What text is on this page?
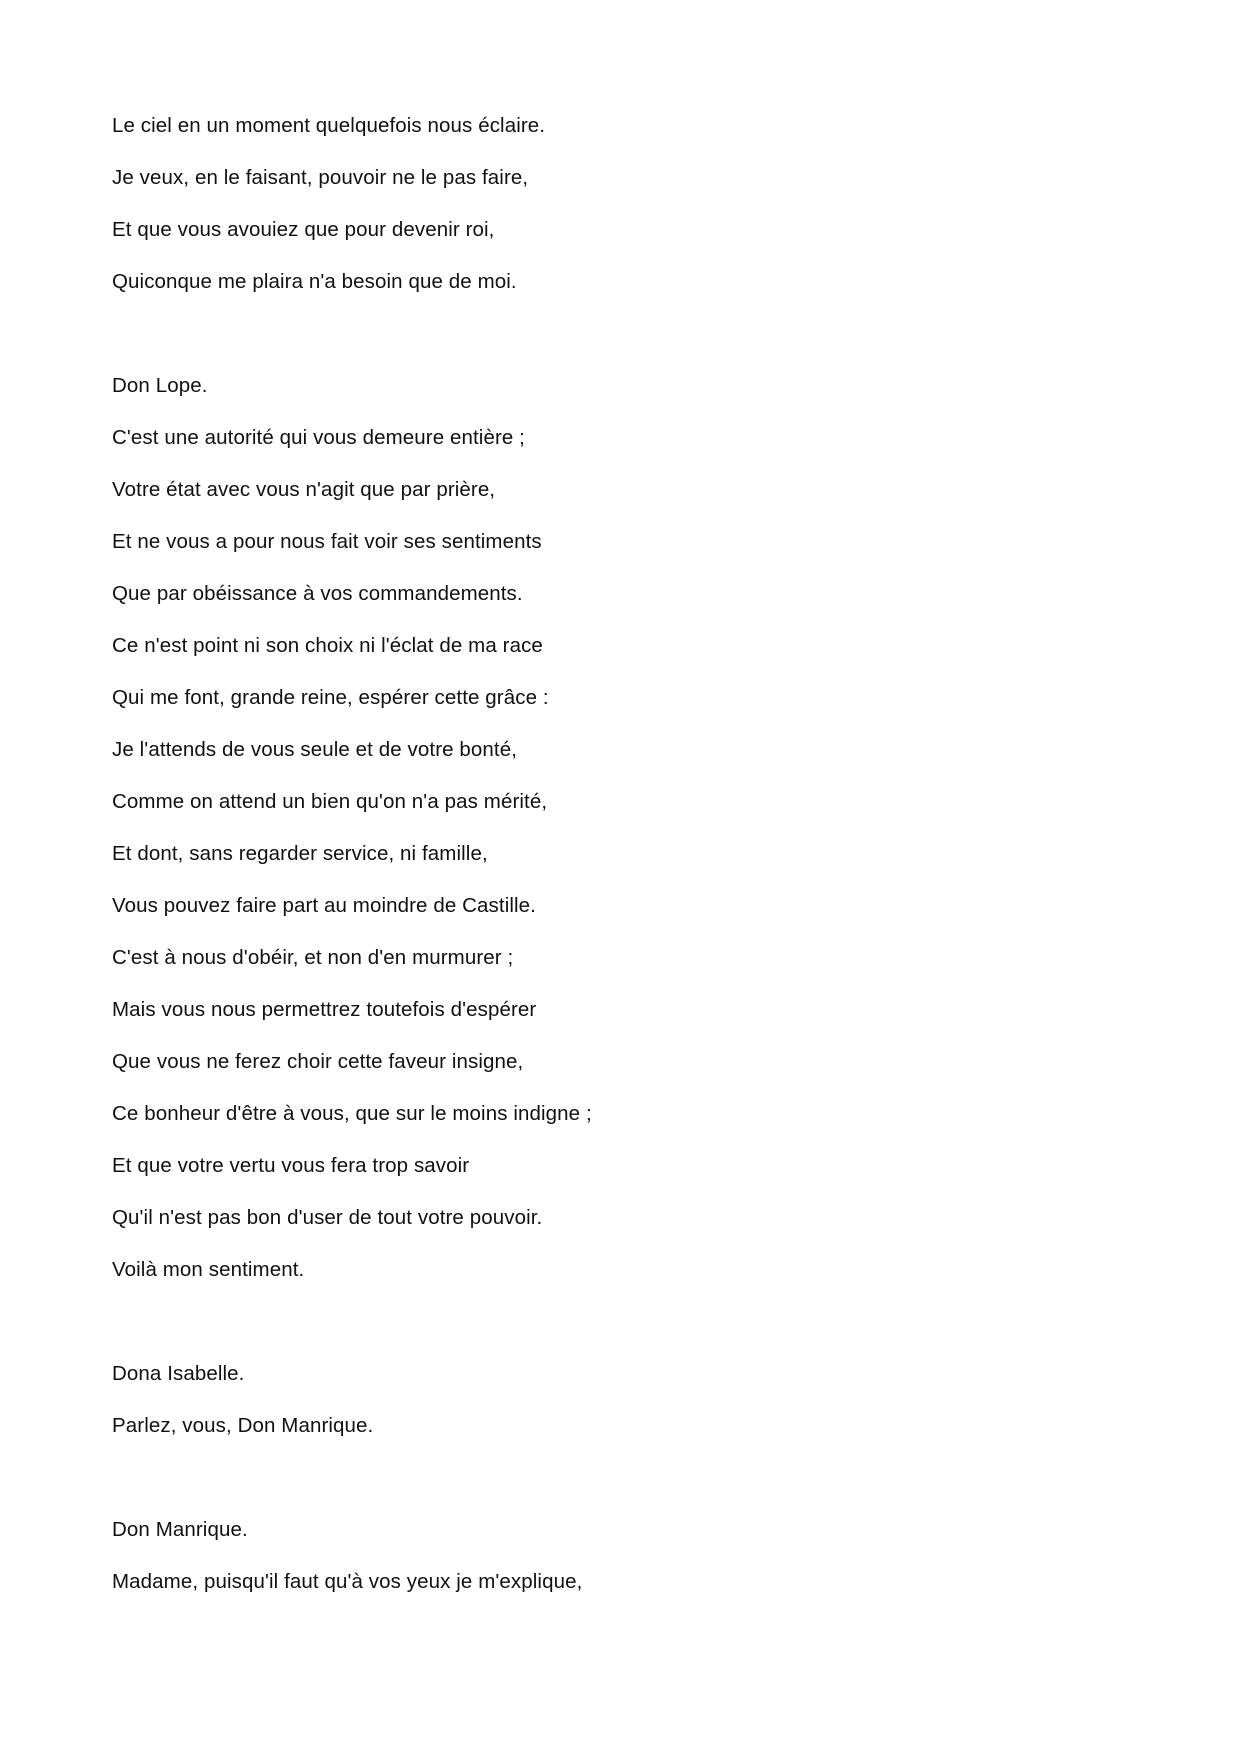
Le ciel en un moment quelquefois nous éclaire.
Je veux, en le faisant, pouvoir ne le pas faire,
Et que vous avouiez que pour devenir roi,
Quiconque me plaira n'a besoin que de moi.
Don Lope.
C'est une autorité qui vous demeure entière ;
Votre état avec vous n'agit que par prière,
Et ne vous a pour nous fait voir ses sentiments
Que par obéissance à vos commandements.
Ce n'est point ni son choix ni l'éclat de ma race
Qui me font, grande reine, espérer cette grâce :
Je l'attends de vous seule et de votre bonté,
Comme on attend un bien qu'on n'a pas mérité,
Et dont, sans regarder service, ni famille,
Vous pouvez faire part au moindre de Castille.
C'est à nous d'obéir, et non d'en murmurer ;
Mais vous nous permettrez toutefois d'espérer
Que vous ne ferez choir cette faveur insigne,
Ce bonheur d'être à vous, que sur le moins indigne ;
Et que votre vertu vous fera trop savoir
Qu'il n'est pas bon d'user de tout votre pouvoir.
Voilà mon sentiment.
Dona Isabelle.
Parlez, vous, Don Manrique.
Don Manrique.
Madame, puisqu'il faut qu'à vos yeux je m'explique,
